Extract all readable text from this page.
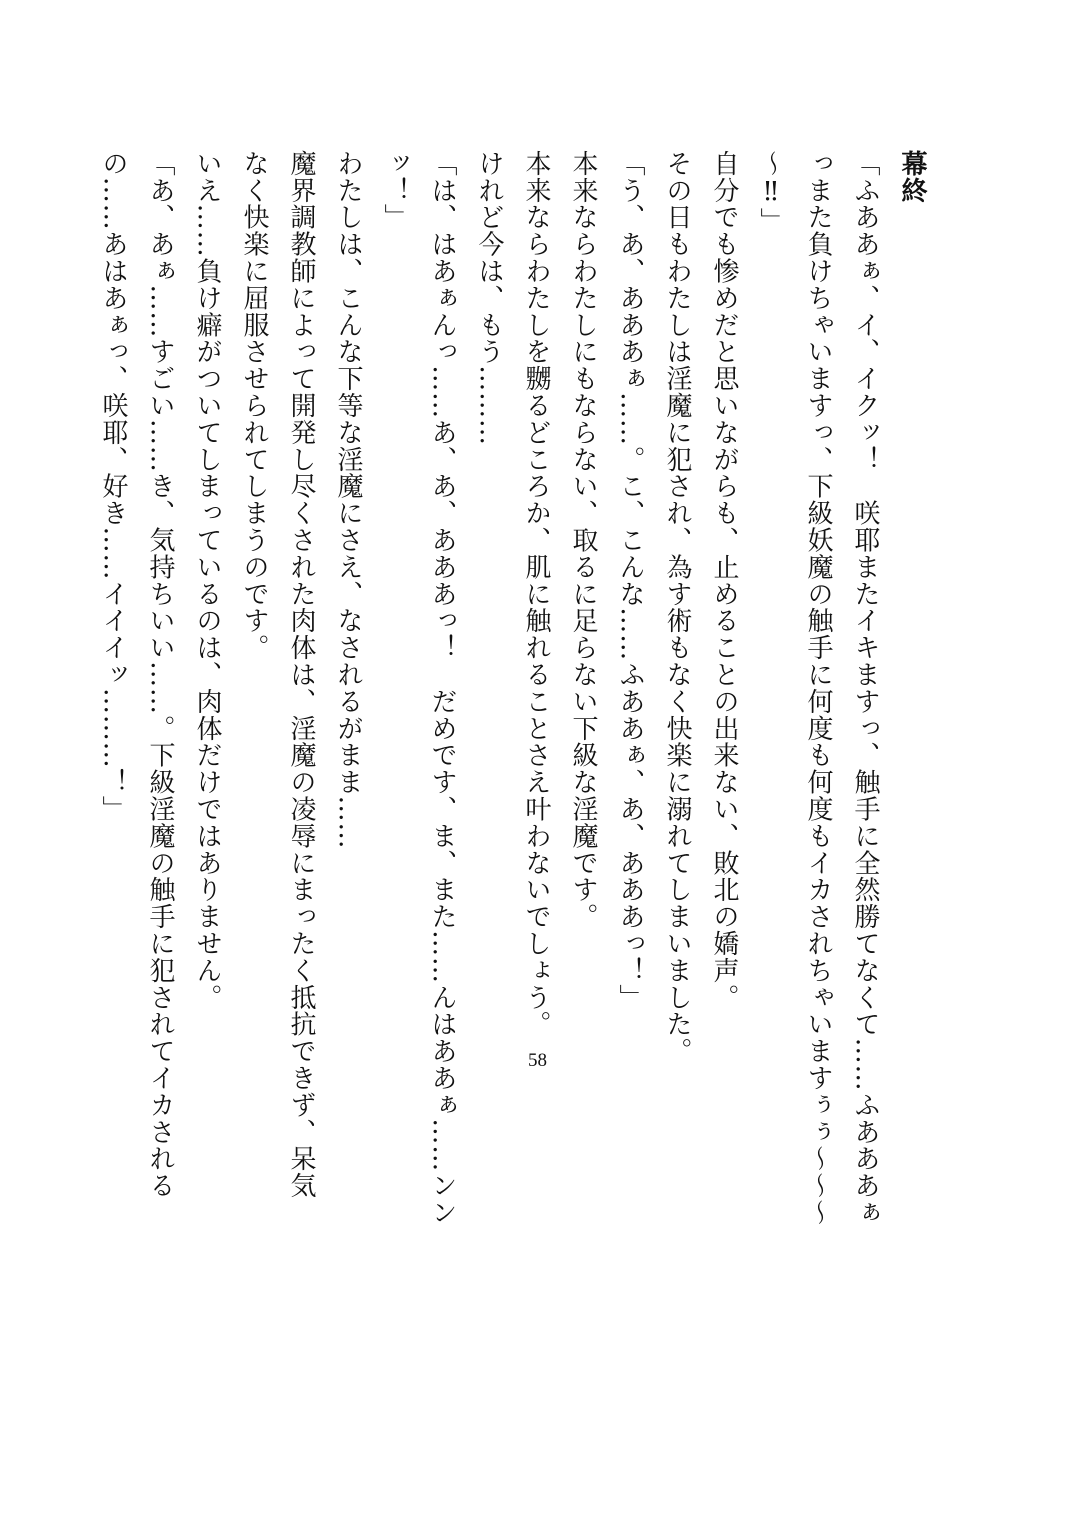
幕終

「ふああぁ、イ、イクッ！　咲耶またイキますっ、触手に全然勝てなくて……ふあああぁ

っまた負けちゃいますっ、下級妖魔の触手に何度も何度もイカされちゃいますぅぅ〜〜〜

〜‼」

自分でも惨めだと思いながらも、止めることの出来ない、敗北の嬌声。

その日もわたしは淫魔に犯され、為す術もなく快楽に溺れてしまいました。

「う、あ、あああぁ……。こ、こんな……ふああぁ、あ、あああっ！」

本来ならわたしにもならない、取るに足らない下級な淫魔です。

本来ならわたしを嬲るどころか、肌に触れることさえ叶わないでしょう。

けれど今は、もう………

「は、はあぁんっ……あ、あ、あああっ！　だめです、ま、また……んはああぁ……ンン

ッ！」

わたしは、こんな下等な淫魔にさえ、なされるがまま……

魔界調教師によって開発し尽くされた肉体は、淫魔の凌辱にまったく抵抗できず、呆気

なく快楽に屈服させられてしまうのです。

いえ……負け癖がついてしまっているのは、肉体だけではありません。

「あ、あぁ……すごい……き、気持ちいい……。下級淫魔の触手に犯されてイカされる

の……あはあぁっ、咲耶、好き……イイイッ………！」

58
